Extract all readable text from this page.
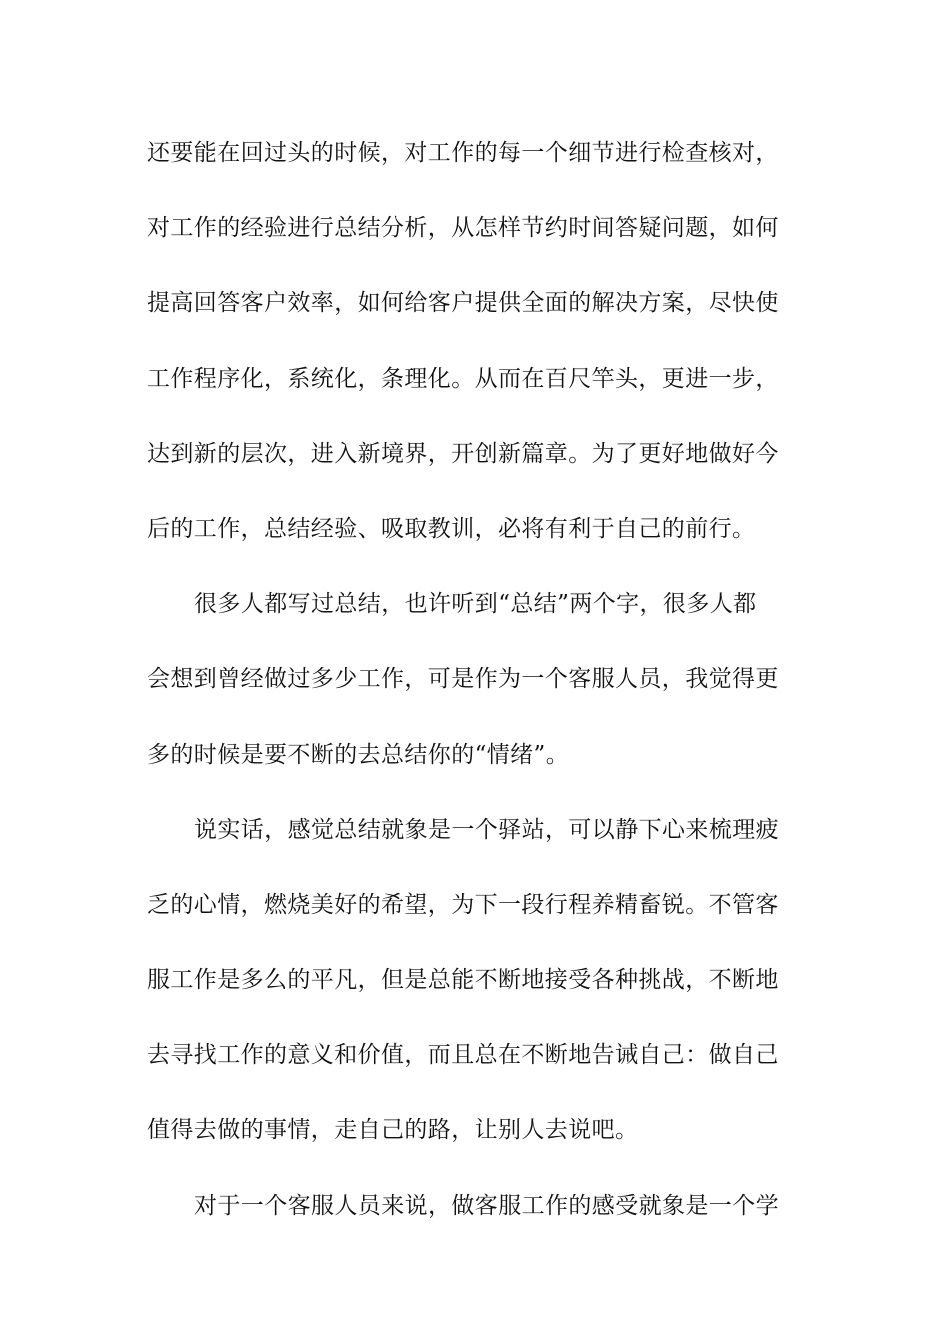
还要能在回过头的时候，对工作的每一个细节进行检查核对，
对工作的经验进行总结分析，从怎样节约时间答疑问题，如何
提高回答客户效率，如何给客户提供全面的解决方案，尽快使
工作程序化，系统化，条理化。从而在百尺竿头，更进一步，
达到新的层次，进入新境界，开创新篇章。为了更好地做好今
后的工作，总结经验、吸取教训，必将有利于自己的前行。
很多人都写过总结，也许听到“总结”两个字，很多人都
会想到曾经做过多少工作，可是作为一个客服人员，我觉得更
多的时候是要不断的去总结你的“情绪”。
说实话，感觉总结就象是一个驿站，可以静下心来梳理疲
乏的心情，燃烧美好的希望，为下一段行程养精畜锐。不管客
服工作是多么的平凡，但是总能不断地接受各种挑战，不断地
去寻找工作的意义和价值，而且总在不断地告诫自己：做自己
值得去做的事情，走自己的路，让别人去说吧。
对于一个客服人员来说，做客服工作的感受就象是一个学
